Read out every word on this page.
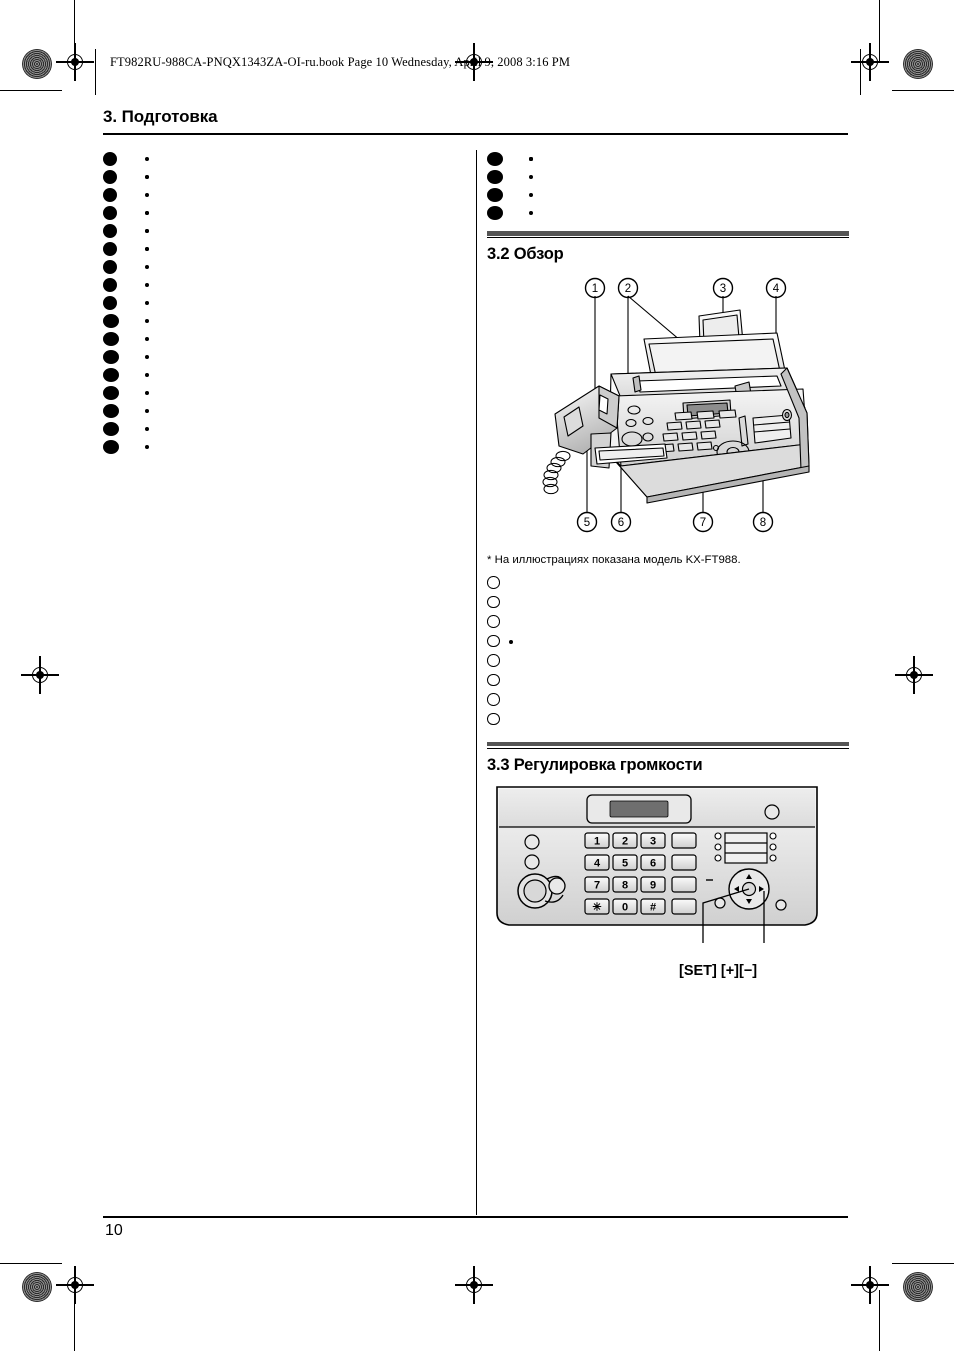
FT982RU-988CA-PNQX1343ZA-OI-ru.book Page 10 Wednesday, April 9, 2008 3:16 PM
3. Подготовка
3.2 Обзор
1 2	3	4
5 6	7	8
* На иллюстрациях показана модель KX-FT988.
3.3 Регулировка громкости
1 2 3
4 5 6
7 8 9
✳ 0 #
[SET] [+][−]
10
